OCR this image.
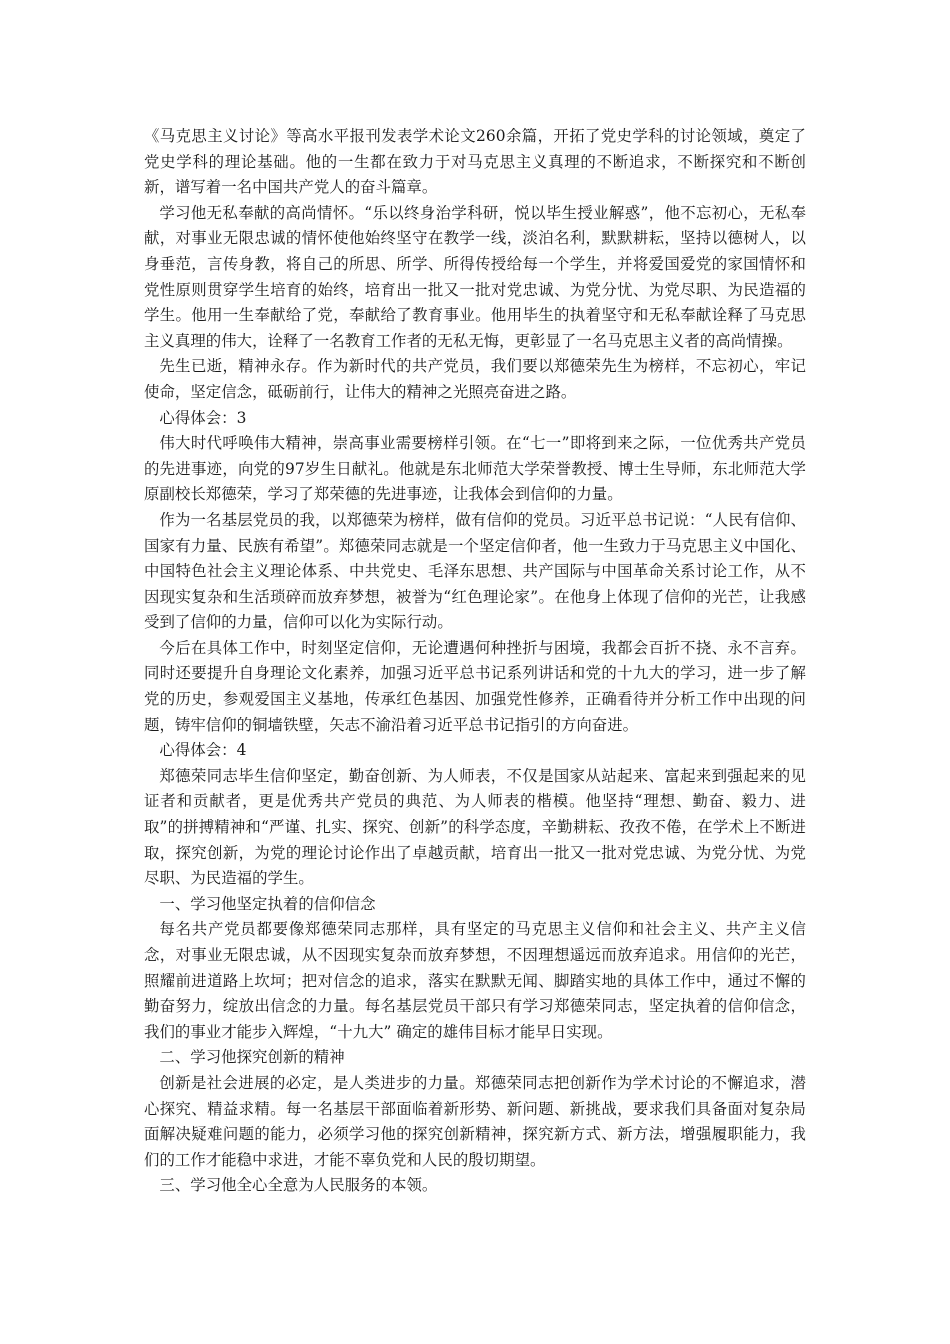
《马克思主义讨论》等高水平报刊发表学术论文260余篇，开拓了党史学科的讨论领域，奠定了党史学科的理论基础。他的一生都在致力于对马克思主义真理的不断追求，不断探究和不断创新，谱写着一名中国共产党人的奋斗篇章。

学习他无私奉献的高尚情怀。“乐以终身治学科研，悦以毕生授业解惑”，他不忘初心，无私奉献，对事业无限忠诚的情怀使他始终坚守在教学一线，淡泊名利，默默耕耘，坚持以德树人，以身垂范，言传身教，将自己的所思、所学、所得传授给每一个学生，并将爱国爱党的家国情怀和党性原则贯穿学生培育的始终，培育出一批又一批对党忠诚、为党分忧、为党尽职、为民造福的学生。他用一生奉献给了党，奉献给了教育事业。他用毕生的执着坚守和无私奉献诠释了马克思主义真理的伟大，诠释了一名教育工作者的无私无悔，更彰显了一名马克思主义者的高尚情操。

先生已逝，精神永存。作为新时代的共产党员，我们要以郑德荣先生为榜样，不忘初心，牢记使命，坚定信念，砥砺前行，让伟大的精神之光照亮奋进之路。

心得体会：3

伟大时代呼唤伟大精神，崇高事业需要榜样引领。在“七一”即将到来之际，一位优秀共产党员的先进事迹，向党的97岁生日献礼。他就是东北师范大学荣誉教授、博士生导师，东北师范大学原副校长郑德荣，学习了郑荣德的先进事迹，让我体会到信仰的力量。

作为一名基层党员的我，以郑德荣为榜样，做有信仰的党员。习近平总书记说：“人民有信仰、国家有力量、民族有希望”。郑德荣同志就是一个坚定信仰者，他一生致力于马克思主义中国化、中国特色社会主义理论体系、中共党史、毛泽东思想、共产国际与中国革命关系讨论工作，从不因现实复杂和生活琐碎而放弃梦想，被誉为“红色理论家”。在他身上体现了信仰的光芒，让我感受到了信仰的力量，信仰可以化为实际行动。

今后在具体工作中，时刻坚定信仰，无论遭遇何种挫折与困境，我都会百折不挠、永不言弃。同时还要提升自身理论文化素养，加强习近平总书记系列讲话和党的十九大的学习，进一步了解党的历史，参观爱国主义基地，传承红色基因、加强党性修养，正确看待并分析工作中出现的问题，铸牢信仰的铜墙铁壁，矢志不渝沿着习近平总书记指引的方向奋进。

心得体会：4

郑德荣同志毕生信仰坚定，勤奋创新、为人师表，不仅是国家从站起来、富起来到强起来的见证者和贡献者，更是优秀共产党员的典范、为人师表的楷模。他坚持“理想、勤奋、毅力、进取”的拼搏精神和“严谨、扎实、探究、创新”的科学态度，辛勤耕耘、孜孜不倦，在学术上不断进取，探究创新，为党的理论讨论作出了卓越贡献，培育出一批又一批对党忠诚、为党分忧、为党尽职、为民造福的学生。

一、学习他坚定执着的信仰信念

每名共产党员都要像郑德荣同志那样，具有坚定的马克思主义信仰和社会主义、共产主义信念，对事业无限忠诚，从不因现实复杂而放弃梦想，不因理想遥远而放弃追求。用信仰的光芒，照耀前进道路上坎坷；把对信念的追求，落实在默默无闻、脚踏实地的具体工作中，通过不懈的勤奋努力，绽放出信念的力量。每名基层党员干部只有学习郑德荣同志，坚定执着的信仰信念，我们的事业才能步入辉煌，“十九大” 确定的雄伟目标才能早日实现。

二、学习他探究创新的精神

创新是社会进展的必定，是人类进步的力量。郑德荣同志把创新作为学术讨论的不懈追求，潜心探究、精益求精。每一名基层干部面临着新形势、新问题、新挑战，要求我们具备面对复杂局面解决疑难问题的能力，必须学习他的探究创新精神，探究新方式、新方法，增强履职能力，我们的工作才能稳中求进，才能不辜负党和人民的殷切期望。

三、学习他全心全意为人民服务的本领。
